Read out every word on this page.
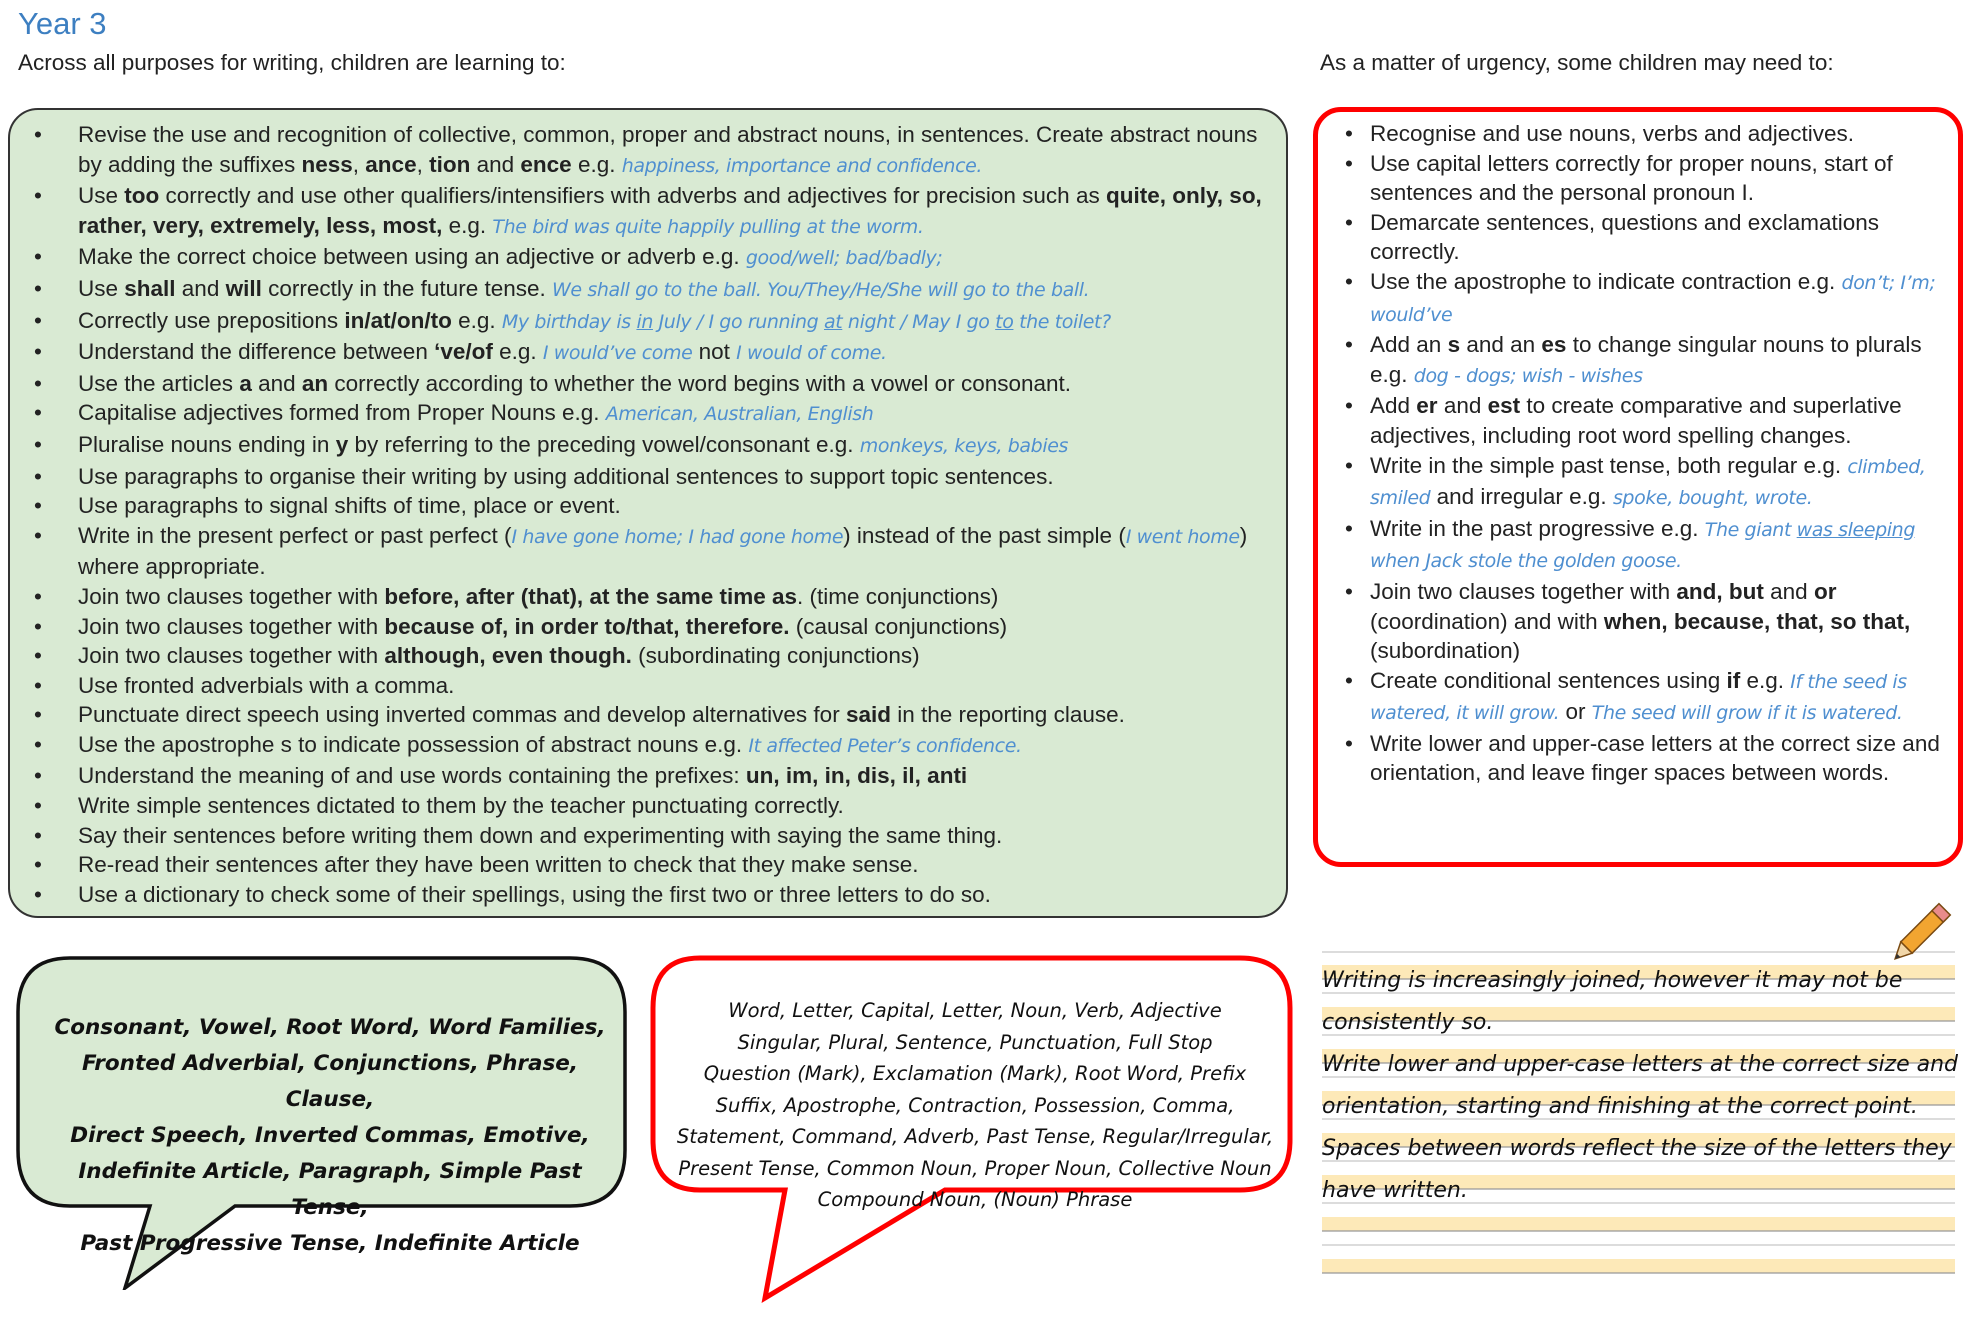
Year 3
Across all purposes for writing, children are learning to:	As a matter of urgency, some children may need to:
• Revise the use and recognition of collective, common, proper and abstract nouns, in sentences. Create abstract nouns by adding the suffixes ness, ance, tion and ence e.g. happiness, importance and confidence.
• Use too correctly and use other qualifiers/intensifiers with adverbs and adjectives for precision such as quite, only, so, rather, very, extremely, less, most, e.g. The bird was quite happily pulling at the worm.
• Make the correct choice between using an adjective or adverb e.g. good/well; bad/badly;
• Use shall and will correctly in the future tense. We shall go to the ball. You/They/He/She will go to the ball.
• Correctly use prepositions in/at/on/to e.g. My birthday is in July / I go running at night / May I go to the toilet?
• Understand the difference between ‘ve/of e.g. I would’ve come not I would of come.
• Use the articles a and an correctly according to whether the word begins with a vowel or consonant.
• Capitalise adjectives formed from Proper Nouns e.g. American, Australian, English
• Pluralise nouns ending in y by referring to the preceding vowel/consonant e.g. monkeys, keys, babies
• Use paragraphs to organise their writing by using additional sentences to support topic sentences.
• Use paragraphs to signal shifts of time, place or event.
• Write in the present perfect or past perfect (I have gone home; I had gone home) instead of the past simple (I went home) where appropriate.
• Join two clauses together with before, after (that), at the same time as. (time conjunctions)
• Join two clauses together with because of, in order to/that, therefore. (causal conjunctions)
• Join two clauses together with although, even though. (subordinating conjunctions)
• Use fronted adverbials with a comma.
• Punctuate direct speech using inverted commas and develop alternatives for said in the reporting clause.
• Use the apostrophe s to indicate possession of abstract nouns e.g. It affected Peter’s confidence.
• Understand the meaning of and use words containing the prefixes: un, im, in, dis, il, anti
• Write simple sentences dictated to them by the teacher punctuating correctly.
• Say their sentences before writing them down and experimenting with saying the same thing.
• Re-read their sentences after they have been written to check that they make sense.
• Use a dictionary to check some of their spellings, using the first two or three letters to do so.
• Recognise and use nouns, verbs and adjectives.
• Use capital letters correctly for proper nouns, start of sentences and the personal pronoun I.
• Demarcate sentences, questions and exclamations correctly.
• Use the apostrophe to indicate contraction e.g. don’t; I’m; would’ve
• Add an s and an es to change singular nouns to plurals e.g. dog - dogs; wish - wishes
• Add er and est to create comparative and superlative adjectives, including root word spelling changes.
• Write in the simple past tense, both regular e.g. climbed, smiled and irregular e.g. spoke, bought, wrote.
• Write in the past progressive e.g. The giant was sleeping when Jack stole the golden goose.
• Join two clauses together with and, but and or (coordination) and with when, because, that, so that,(subordination)
• Create conditional sentences using if e.g. If the seed is watered, it will grow. or The seed will grow if it is watered.
• Write lower and upper-case letters at the correct size and orientation, and leave finger spaces between words.
Consonant, Vowel, Root Word, Word Families,
Fronted Adverbial, Conjunctions, Phrase, Clause,
Direct Speech, Inverted Commas, Emotive,
Indefinite Article, Paragraph, Simple Past Tense,
Past Progressive Tense, Indefinite Article
Word, Letter, Capital, Letter, Noun, Verb, Adjective
Singular, Plural, Sentence, Punctuation, Full Stop
Question (Mark), Exclamation (Mark), Root Word, Prefix
Suffix, Apostrophe, Contraction, Possession, Comma,
Statement, Command, Adverb, Past Tense, Regular/Irregular,
Present Tense, Common Noun, Proper Noun, Collective Noun
Compound Noun, (Noun) Phrase
Writing is increasingly joined, however it may not be
consistently so.
Write lower and upper-case letters at the correct size and
orientation, starting and finishing at the correct point.
Spaces between words reflect the size of the letters they
have written.
